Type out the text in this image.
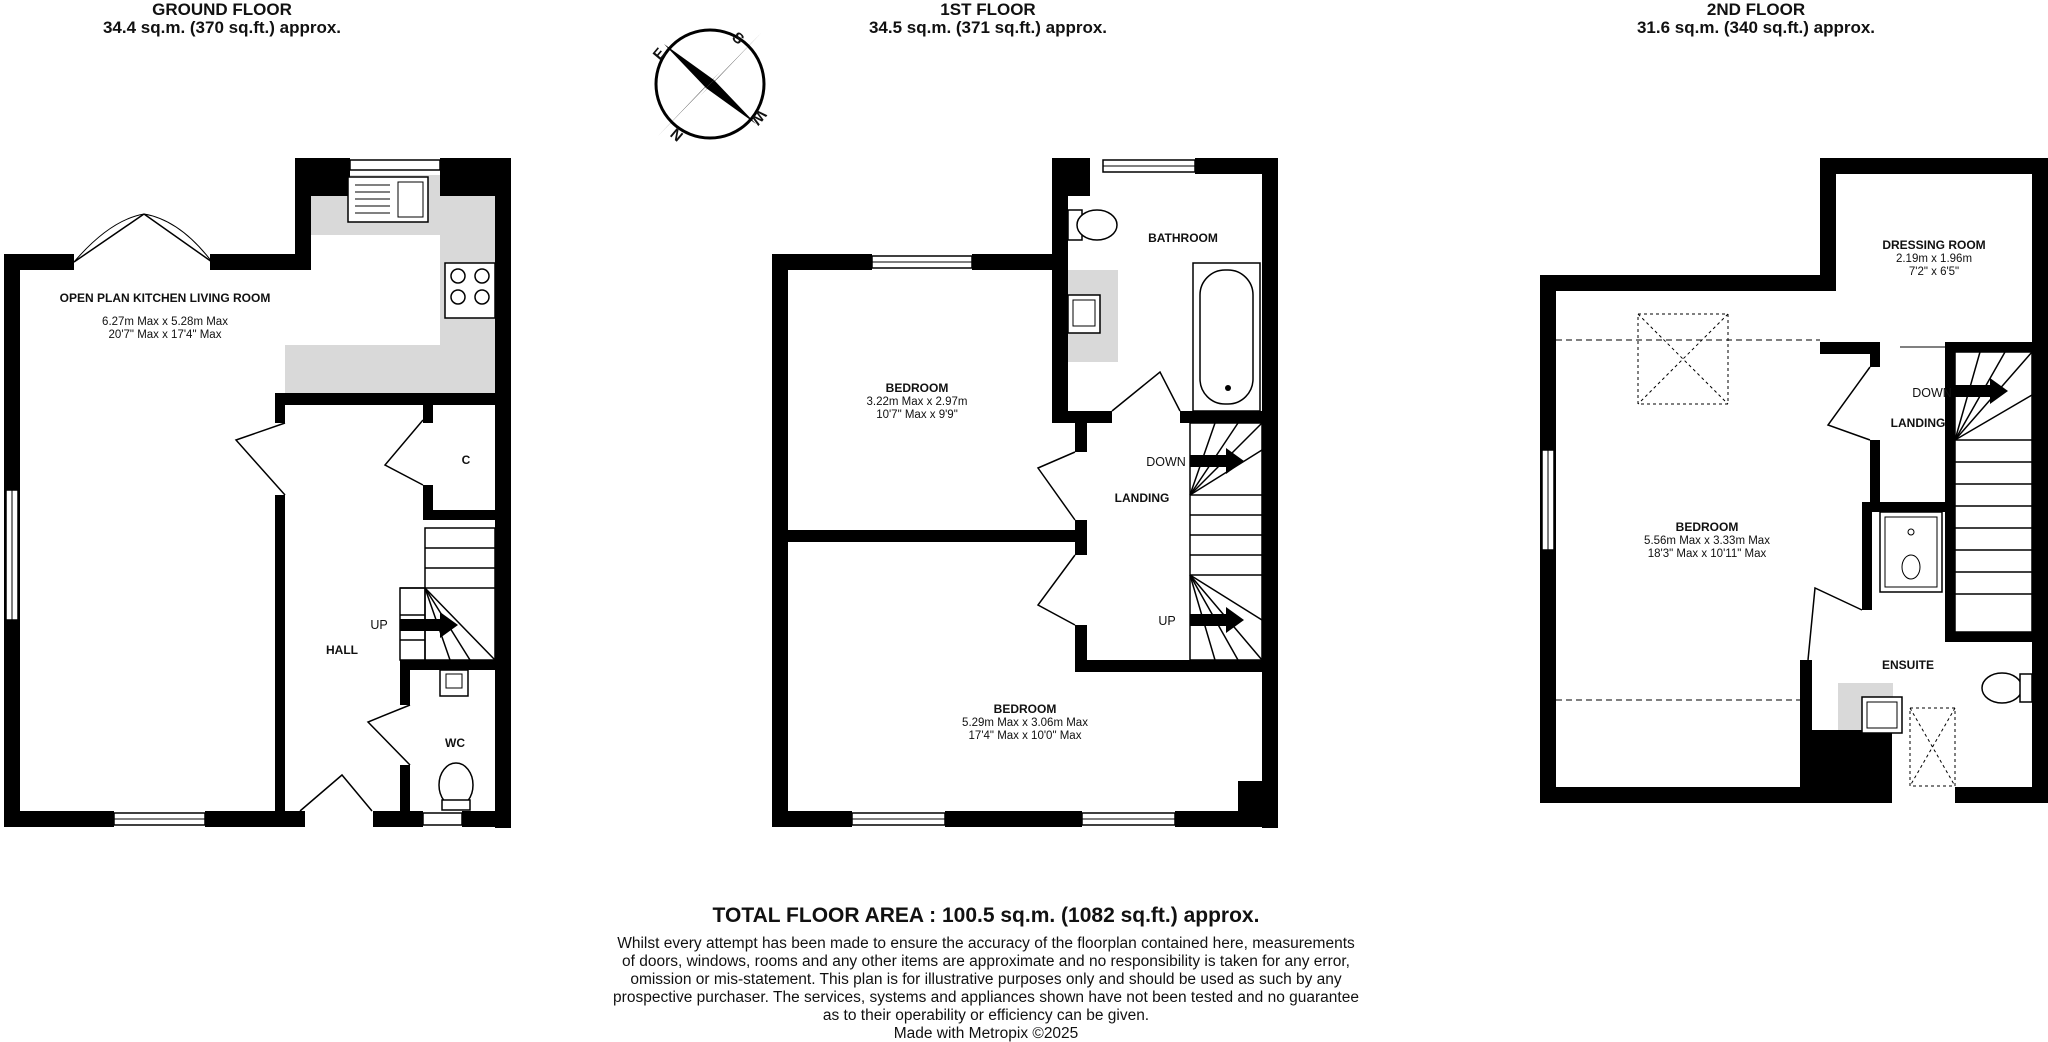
GROUND FLOOR
34.4 sq.m. (370 sq.ft.) approx.
1ST FLOOR
34.5 sq.m. (371 sq.ft.) approx.
2ND FLOOR
31.6 sq.m. (340 sq.ft.) approx.
S
W
N
E
OPEN PLAN KITCHEN LIVING ROOM
6.27m Max x 5.28m Max
20'7" Max x 17'4" Max
HALL
WC
C
UP
BATHROOM
BEDROOM
3.22m Max x 2.97m
10'7" Max x 9'9"
BEDROOM
5.29m Max x 3.06m Max
17'4" Max x 10'0" Max
LANDING
DOWN
UP
DRESSING ROOM
2.19m x 1.96m
7'2" x 6'5"
BEDROOM
5.56m Max x 3.33m Max
18'3" Max x 10'11" Max
LANDING
DOWN
ENSUITE
TOTAL FLOOR AREA : 100.5 sq.m. (1082 sq.ft.) approx.
Whilst every attempt has been made to ensure the accuracy of the floorplan contained here, measurements
of doors, windows, rooms and any other items are approximate and no responsibility is taken for any error,
omission or mis-statement. This plan is for illustrative purposes only and should be used as such by any
prospective purchaser. The services, systems and appliances shown have not been tested and no guarantee
as to their operability or efficiency can be given.
Made with Metropix ©2025
